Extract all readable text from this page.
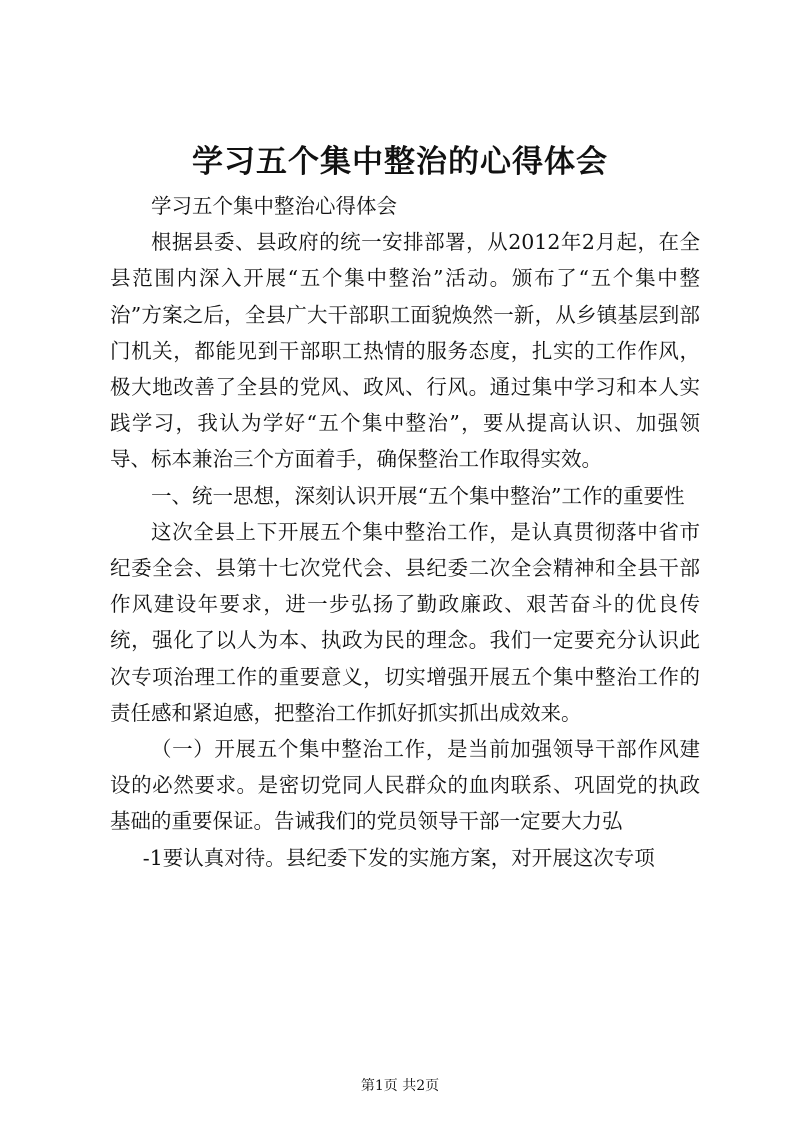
学习五个集中整治的心得体会

学习五个集中整治心得体会

根据县委、县政府的统一安排部署，从2012年2月起，在全县范围内深入开展“五个集中整治”活动。颁布了“五个集中整治”方案之后，全县广大干部职工面貌焕然一新，从乡镇基层到部门机关，都能见到干部职工热情的服务态度，扎实的工作作风，极大地改善了全县的党风、政风、行风。通过集中学习和本人实践学习，我认为学好“五个集中整治”，要从提高认识、加强领导、标本兼治三个方面着手，确保整治工作取得实效。

一、统一思想，深刻认识开展“五个集中整治”工作的重要性

这次全县上下开展五个集中整治工作，是认真贯彻落中省市纪委全会、县第十七次党代会、县纪委二次全会精神和全县干部作风建设年要求，进一步弘扬了勤政廉政、艰苦奋斗的优良传统，强化了以人为本、执政为民的理念。我们一定要充分认识此次专项治理工作的重要意义，切实增强开展五个集中整治工作的责任感和紧迫感，把整治工作抓好抓实抓出成效来。

（一）开展五个集中整治工作，是当前加强领导干部作风建设的必然要求。是密切党同人民群众的血肉联系、巩固党的执政基础的重要保证。告诫我们的党员领导干部一定要大力弘

-1要认真对待。县纪委下发的实施方案，对开展这次专项

第1页 共2页
